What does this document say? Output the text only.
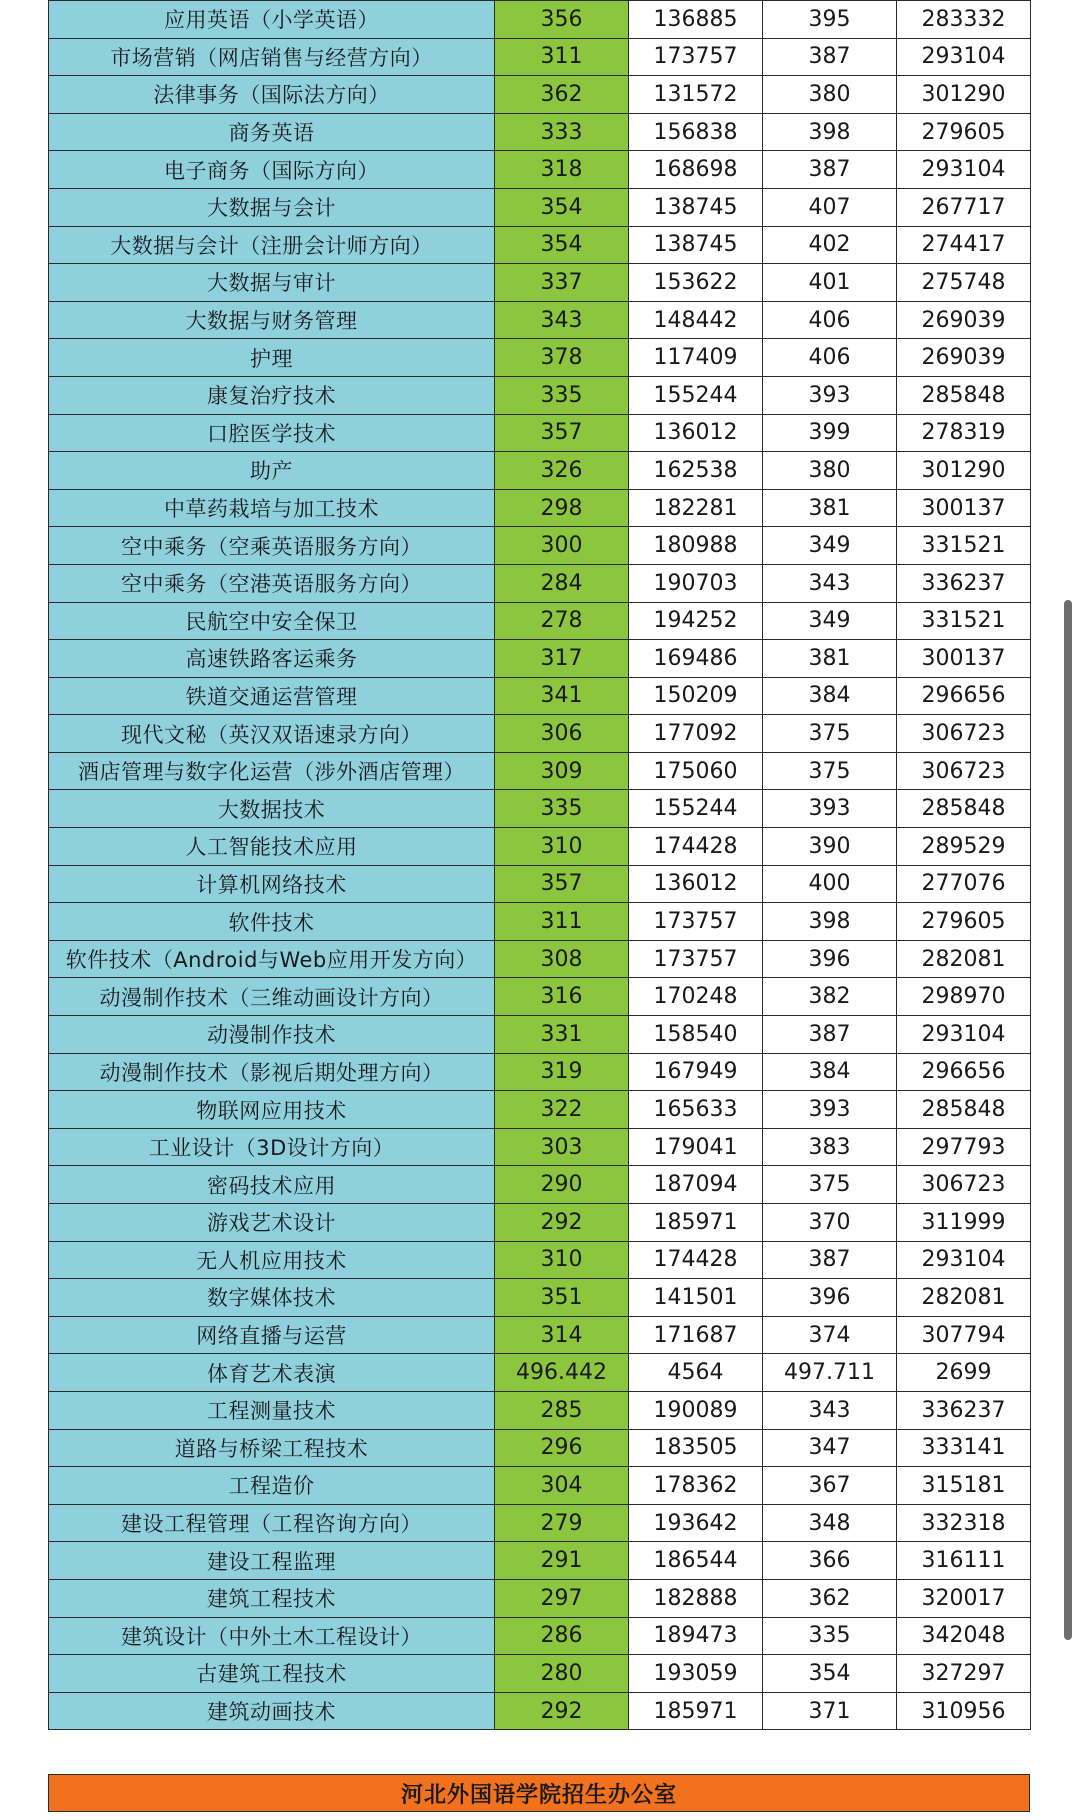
应用英语（小学英语）	356	136885	395	283332
市场营销（网店销售与经营方向）	311	173757	387	293104
法律事务（国际法方向）	362	131572	380	301290
商务英语	333	156838	398	279605
电子商务（国际方向）	318	168698	387	293104
大数据与会计	354	138745	407	267717
大数据与会计（注册会计师方向）	354	138745	402	274417
大数据与审计	337	153622	401	275748
大数据与财务管理	343	148442	406	269039
护理	378	117409	406	269039
康复治疗技术	335	155244	393	285848
口腔医学技术	357	136012	399	278319
助产	326	162538	380	301290
中草药栽培与加工技术	298	182281	381	300137
空中乘务（空乘英语服务方向）	300	180988	349	331521
空中乘务（空港英语服务方向）	284	190703	343	336237
民航空中安全保卫	278	194252	349	331521
高速铁路客运乘务	317	169486	381	300137
铁道交通运营管理	341	150209	384	296656
现代文秘（英汉双语速录方向）	306	177092	375	306723
酒店管理与数字化运营（涉外酒店管理）	309	175060	375	306723
大数据技术	335	155244	393	285848
人工智能技术应用	310	174428	390	289529
计算机网络技术	357	136012	400	277076
软件技术	311	173757	398	279605
软件技术（Android与Web应用开发方向）	308	173757	396	282081
动漫制作技术（三维动画设计方向）	316	170248	382	298970
动漫制作技术	331	158540	387	293104
动漫制作技术（影视后期处理方向）	319	167949	384	296656
物联网应用技术	322	165633	393	285848
工业设计（3D设计方向）	303	179041	383	297793
密码技术应用	290	187094	375	306723
游戏艺术设计	292	185971	370	311999
无人机应用技术	310	174428	387	293104
数字媒体技术	351	141501	396	282081
网络直播与运营	314	171687	374	307794
体育艺术表演	496.442	4564	497.711	2699
工程测量技术	285	190089	343	336237
道路与桥梁工程技术	296	183505	347	333141
工程造价	304	178362	367	315181
建设工程管理（工程咨询方向）	279	193642	348	332318
建设工程监理	291	186544	366	316111
建筑工程技术	297	182888	362	320017
建筑设计（中外土木工程设计）	286	189473	335	342048
古建筑工程技术	280	193059	354	327297
建筑动画技术	292	185971	371	310956
河北外国语学院招生办公室
